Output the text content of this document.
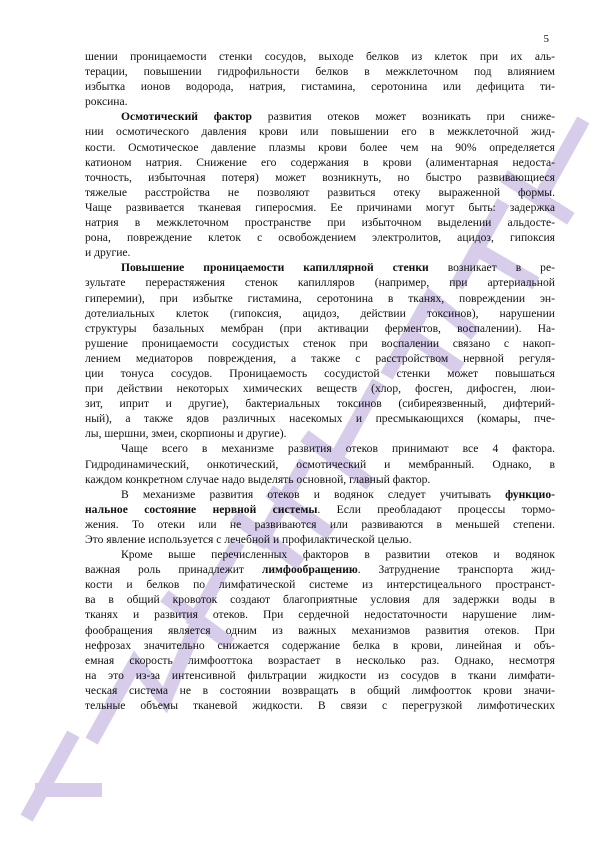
5
шении проницаемости стенки сосудов, выходе белков из клеток при их аль-
терации, повышении гидрофильности белков в межклеточном под влиянием
избытка ионов водорода, натрия, гистамина, серотонина или дефицита ти-
роксина.
Осмотический фактор развития отеков может возникать при сниже-
нии осмотического давления крови или повышении его в межклеточной жид-
кости. Осмотическое давление плазмы крови более чем на 90% определяется
катионом натрия. Снижение его содержания в крови (алиментарная недоста-
точность, избыточная потеря) может возникнуть, но быстро развивающиеся
тяжелые расстройства не позволяют развиться отеку выраженной формы.
Чаще развивается тканевая гиперосмия. Ее причинами могут быть: задержка
натрия в межклеточном пространстве при избыточном выделении альдосте-
рона, повреждение клеток с освобождением электролитов, ацидоз, гипоксия
и другие.
Повышение проницаемости капиллярной стенки возникает в ре-
зультате перерастяжения стенок капилляров (например, при артериальной
гиперемии), при избытке гистамина, серотонина в тканях, повреждении эн-
дотелиальных клеток (гипоксия, ацидоз, действии токсинов), нарушении
структуры базальных мембран (при активации ферментов, воспалении). На-
рушение проницаемости сосудистых стенок при воспалении связано с накоп-
лением медиаторов повреждения, а также с расстройством нервной регуля-
ции тонуса сосудов. Проницаемость сосудистой стенки может повышаться
при действии некоторых химических веществ (хлор, фосген, дифосген, люи-
зит, иприт и другие), бактериальных токсинов (сибиреязвенный, дифтерий-
ный), а также ядов различных насекомых и пресмыкающихся (комары, пче-
лы, шершни, змеи, скорпионы и другие).
Чаще всего в механизме развития отеков принимают все 4 фактора.
Гидродинамический, онкотический, осмотический и мембранный. Однако, в
каждом конкретном случае надо выделять основной, главный фактор.
В механизме развития отеков и водянок следует учитывать функцио-
нальное состояние нервной системы. Если преобладают процессы тормо-
жения. То отеки или не развиваются или развиваются в меньшей степени.
Это явление используется с лечебной и профилактической целью.
Кроме выше перечисленных факторов в развитии отеков и водянок
важная роль принадлежит лимфообращению. Затруднение транспорта жид-
кости и белков по лимфатической системе из интерстицеального пространст-
ва в общий кровоток создают благоприятные условия для задержки воды в
тканях и развития отеков. При сердечной недостаточности нарушение лим-
фообращения является одним из важных механизмов развития отеков. При
нефрозах значительно снижается содержание белка в крови, линейная и объ-
емная скорость лимфооттока возрастает в несколько раз. Однако, несмотря
на это из-за интенсивной фильтрации жидкости из сосудов в ткани лимфати-
ческая система не в состоянии возвращать в общий лимфоотток крови значи-
тельные объемы тканевой жидкости. В связи с перегрузкой лимфотических
